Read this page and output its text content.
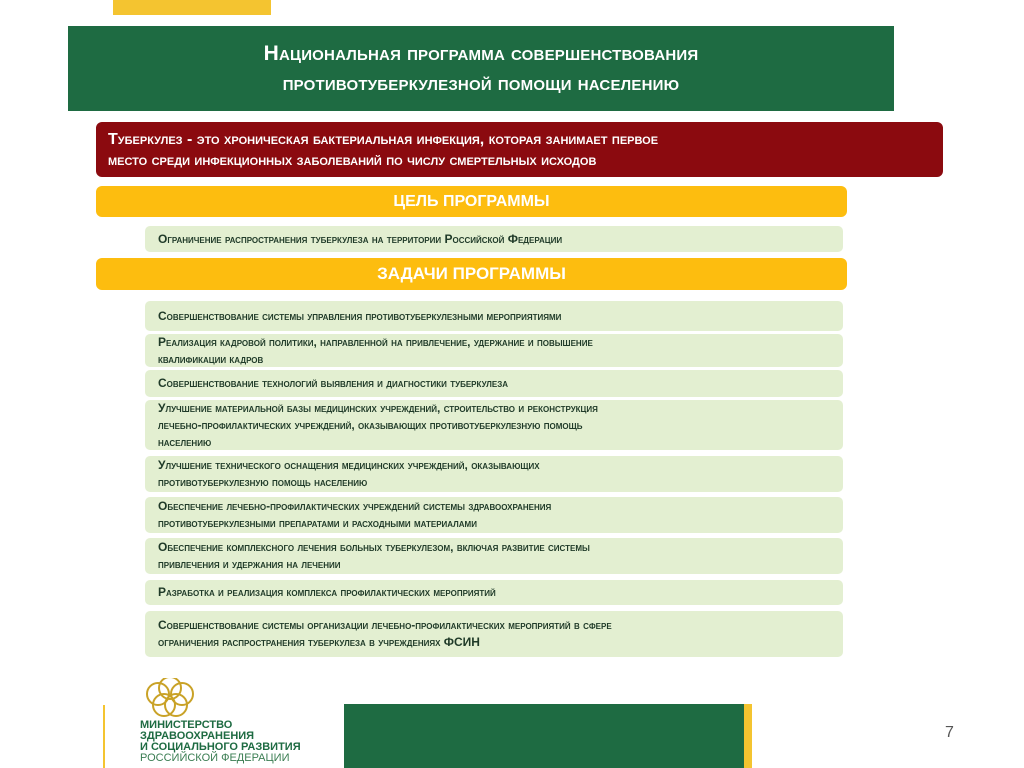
Национальная программа совершенствования
противотуберкулезной помощи населению
Туберкулез - это хроническая бактериальная инфекция, которая занимает первое
место среди инфекционных заболеваний по числу смертельных исходов
ЦЕЛЬ ПРОГРАММЫ
Ограничение распространения туберкулеза на территории Российской Федерации
ЗАДАЧИ ПРОГРАММЫ
Совершенствование системы управления противотуберкулезными мероприятиями
Реализация кадровой политики, направленной на привлечение, удержание и повышение
квалификации кадров
Совершенствование технологий выявления и диагностики туберкулеза
Улучшение материальной базы медицинских учреждений, строительство и реконструкция
лечебно-профилактических учреждений, оказывающих противотуберкулезную помощь
населению
Улучшение технического оснащения медицинских учреждений, оказывающих
противотуберкулезную помощь населению
Обеспечение лечебно-профилактических учреждений системы здравоохранения
противотуберкулезными препаратами и расходными материалами
Обеспечение комплексного лечения больных туберкулезом, включая развитие системы
привлечения и удержания на лечении
Разработка и реализация комплекса профилактических мероприятий
Совершенствование системы организации лечебно-профилактических мероприятий в сфере
ограничения распространения туберкулеза в учреждениях ФСИН
МИНИСТЕРСТВО
ЗДРАВООХРАНЕНИЯ
И СОЦИАЛЬНОГО РАЗВИТИЯ
РОССИЙСКОЙ ФЕДЕРАЦИИ
7
